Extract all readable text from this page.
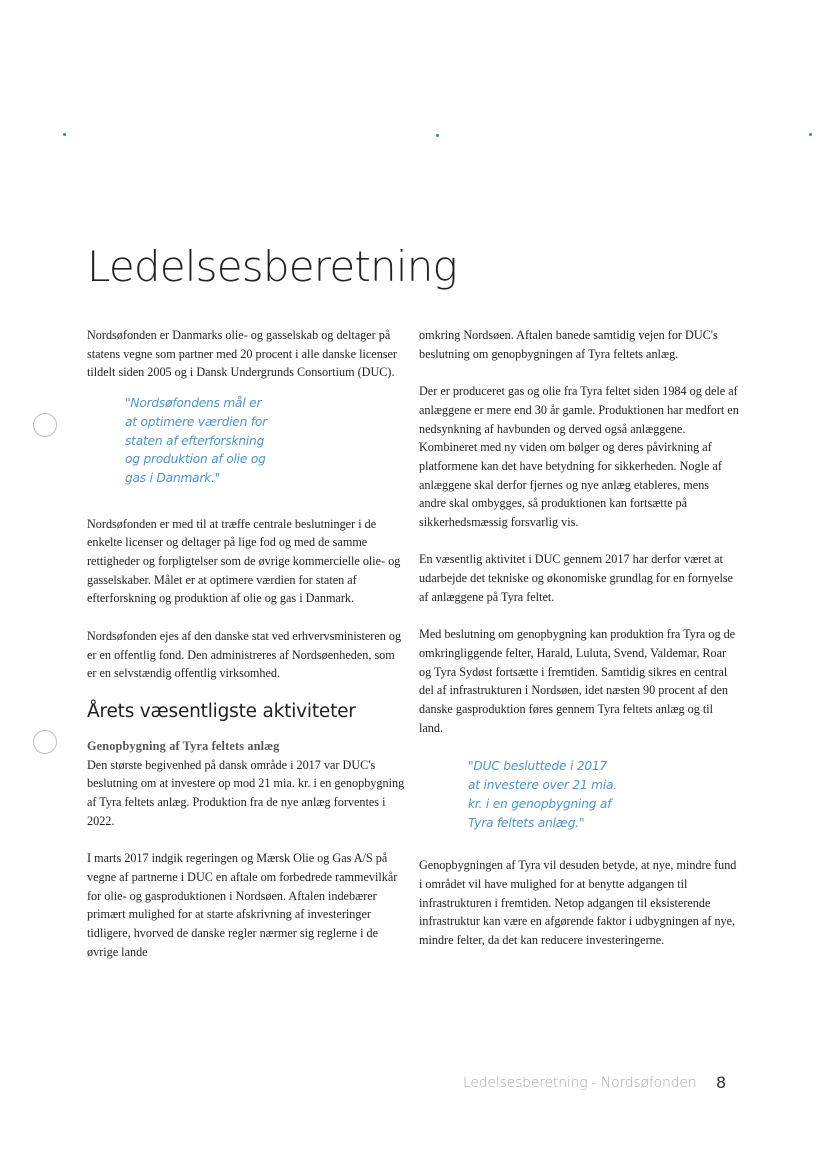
Ledelsesberetning

Nordsøfonden er Danmarks olie- og gasselskab og deltager på statens vegne som partner med 20 procent i alle danske licenser tildelt siden 2005 og i Dansk Undergrunds Consortium (DUC).

"Nordsøfondens mål er
at optimere værdien for
staten af efterforskning
og produktion af olie og
gas i Danmark."

Nordsøfonden er med til at træffe centrale beslutninger i de enkelte licenser og deltager på lige fod og med de samme rettigheder og forpligtelser som de øvrige kommercielle olie- og gasselskaber. Målet er at optimere værdien for staten af efterforskning og produktion af olie og gas i Danmark.

Nordsøfonden ejes af den danske stat ved erhvervsministeren og er en offentlig fond. Den administreres af Nordsøenheden, som er en selvstændig offentlig virksomhed.

Årets væsentligste aktiviteter
Genopbygning af Tyra feltets anlæg

Den største begivenhed på dansk område i 2017 var DUC's beslutning om at investere op mod 21 mia. kr. i en genopbygning af Tyra feltets anlæg. Produktion fra de nye anlæg forventes i 2022.

I marts 2017 indgik regeringen og Mærsk Olie og Gas A/S på vegne af partnerne i DUC en aftale om forbedrede rammevilkår for olie- og gasproduktionen i Nordsøen. Aftalen indebærer primært mulighed for at starte afskrivning af investeringer tidligere, hvorved de danske regler nærmer sig reglerne i de øvrige lande

omkring Nordsøen. Aftalen banede samtidig vejen for DUC's beslutning om genopbygningen af Tyra feltets anlæg.

Der er produceret gas og olie fra Tyra feltet siden 1984 og dele af anlæggene er mere end 30 år gamle. Produktionen har medfort en nedsynkning af havbunden og derved også anlæggene. Kombineret med ny viden om bølger og deres påvirkning af platformene kan det have betydning for sikkerheden. Nogle af anlæggene skal derfor fjernes og nye anlæg etableres, mens andre skal ombygges, så produktionen kan fortsætte på sikkerhedsmæssig forsvarlig vis.

En væsentlig aktivitet i DUC gennem 2017 har derfor været at udarbejde det tekniske og økonomiske grundlag for en fornyelse af anlæggene på Tyra feltet.

Med beslutning om genopbygning kan produktion fra Tyra og de omkringliggende felter, Harald, Luluta, Svend, Valdemar, Roar og Tyra Sydøst fortsætte i fremtiden. Samtidig sikres en central del af infrastrukturen i Nordsøen, idet næsten 90 procent af den danske gasproduktion føres gennem Tyra feltets anlæg og til land.

"DUC besluttede i 2017
at investere over 21 mia.
kr. i en genopbygning af
Tyra feltets anlæg."

Genopbygningen af Tyra vil desuden betyde, at nye, mindre fund i området vil have mulighed for at benytte adgangen til infrastrukturen i fremtiden. Netop adgangen til eksisterende infrastruktur kan være en afgørende faktor i udbygningen af nye, mindre felter, da det kan reducere investeringerne.

Ledelsesberetning - Nordsøfonden 8
